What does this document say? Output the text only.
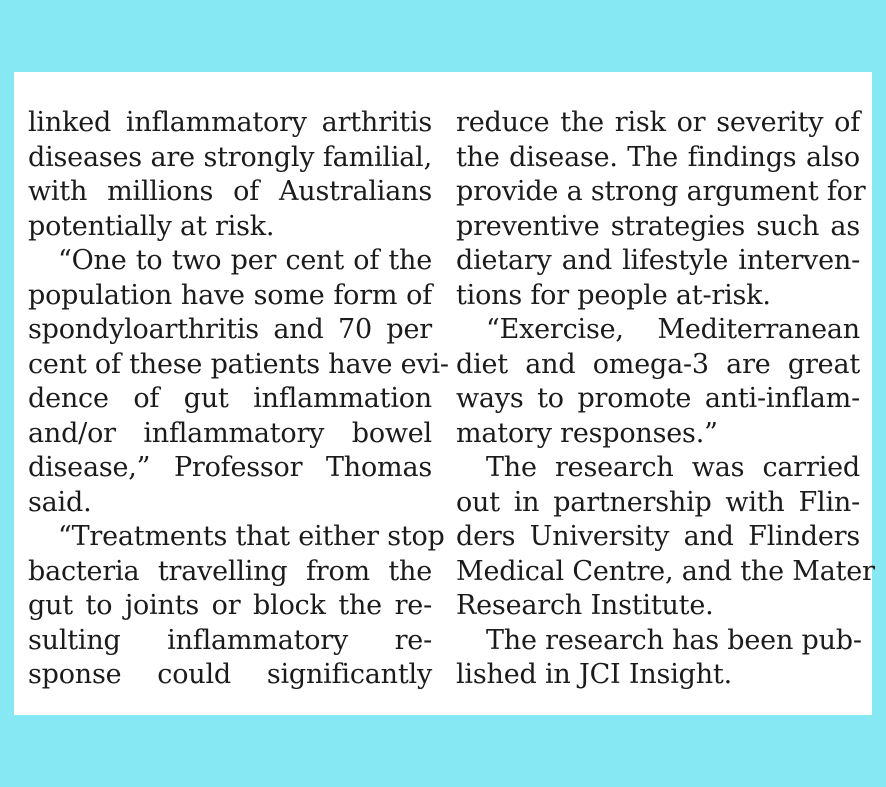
linked inflammatory arthritis
diseases are strongly familial,
with millions of Australians
potentially at risk.
“One to two per cent of the
population have some form of
spondyloarthritis and 70 per
cent of these patients have evi-
dence of gut inflammation
and/or inflammatory bowel
disease,” Professor Thomas
said.
“Treatments that either stop
bacteria travelling from the
gut to joints or block the re-
sulting inflammatory re-
sponse could significantly
reduce the risk or severity of
the disease. The findings also
provide a strong argument for
preventive strategies such as
dietary and lifestyle interven-
tions for people at-risk.
“Exercise, Mediterranean
diet and omega-3 are great
ways to promote anti-inflam-
matory responses.”
The research was carried
out in partnership with Flin-
ders University and Flinders
Medical Centre, and the Mater
Research Institute.
The research has been pub-
lished in JCI Insight.
